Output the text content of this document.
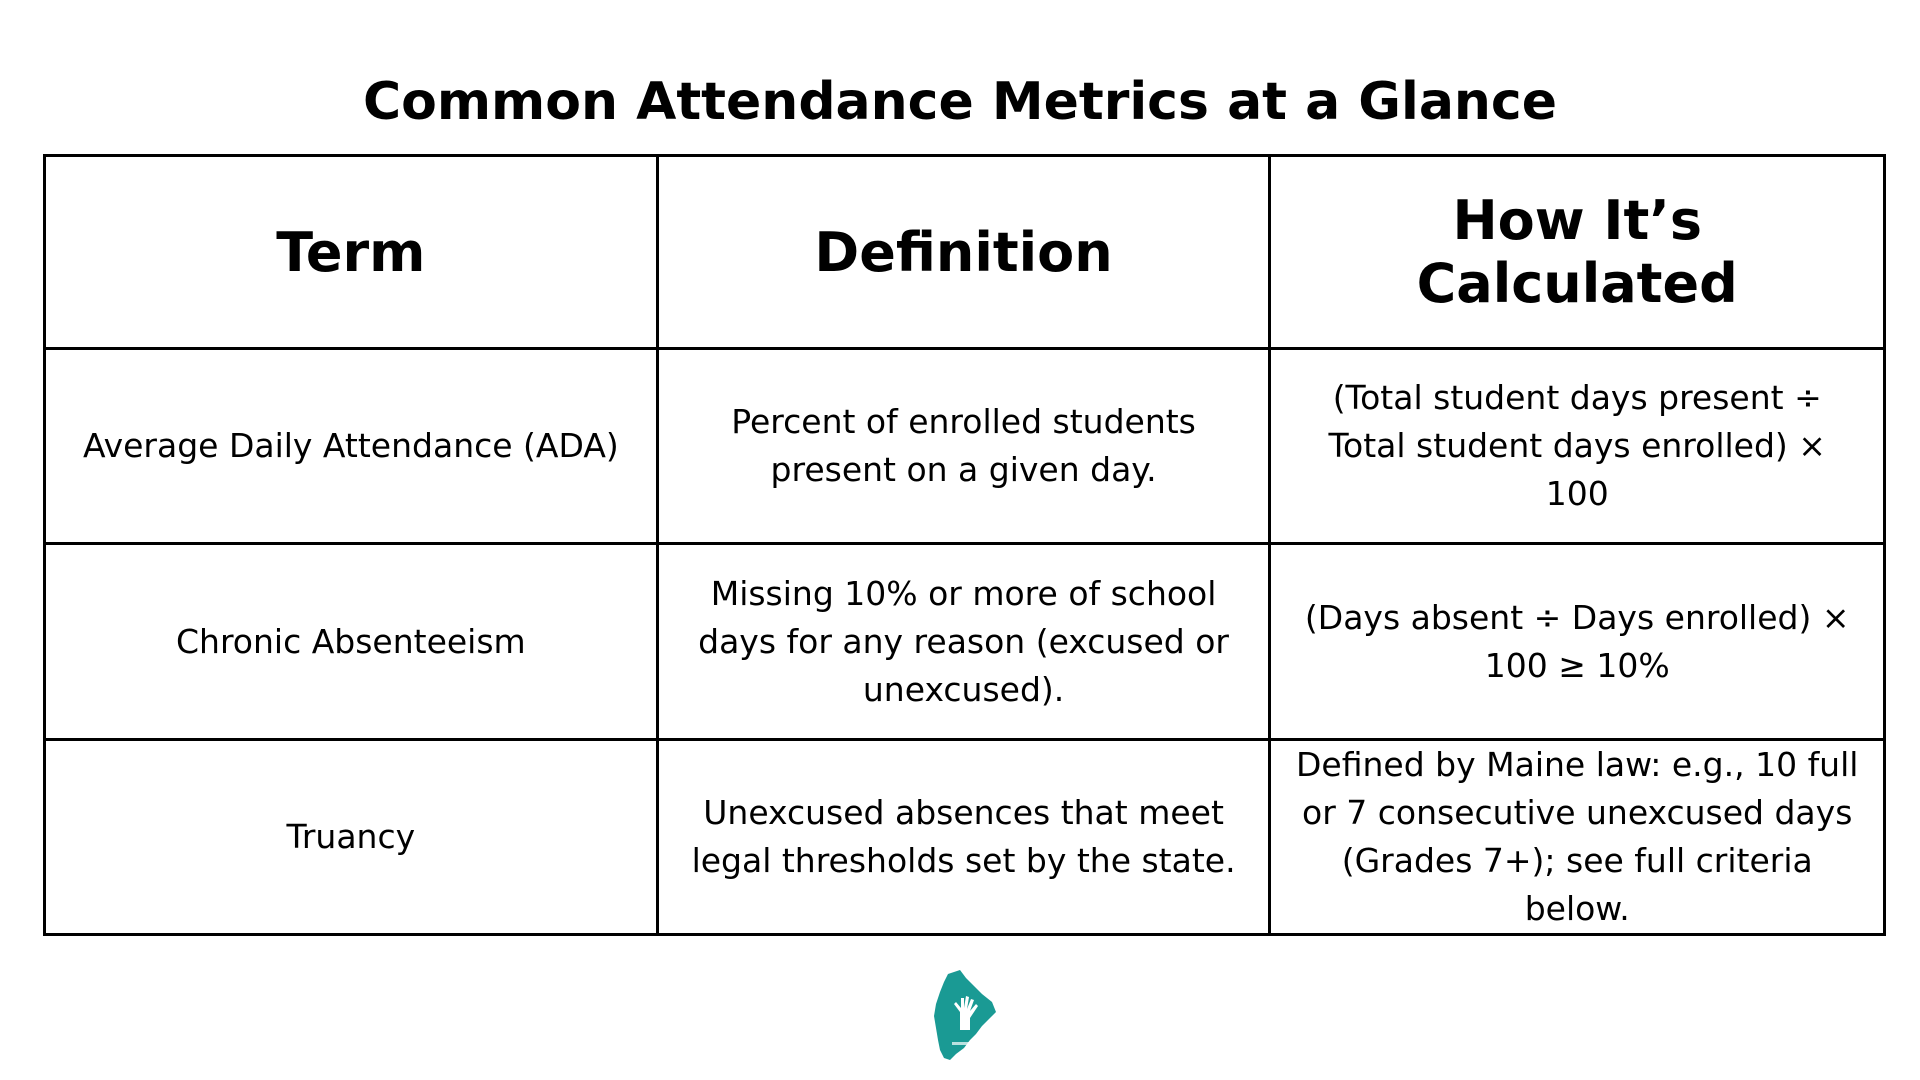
Common Attendance Metrics at a Glance
Term	Definition	How It’s Calculated
Average Daily Attendance (ADA)	Percent of enrolled students present on a given day.	(Total student days present ÷ Total student days enrolled) × 100
Chronic Absenteeism	Missing 10% or more of school days for any reason (excused or unexcused).	(Days absent ÷ Days enrolled) × 100 ≥ 10%
Truancy	Unexcused absences that meet legal thresholds set by the state.	Defined by Maine law: e.g., 10 full or 7 consecutive unexcused days (Grades 7+); see full criteria below.
